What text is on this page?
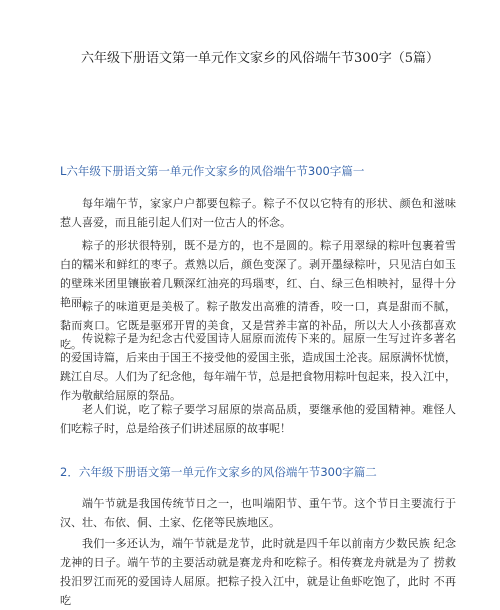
六年级下册语文第一单元作文家乡的风俗端午节300字（5篇）
L六年级下册语文第一单元作文家乡的风俗端午节300字篇一

每年端午节，家家户户都要包粽子。粽子不仅以它特有的形状、颜色和滋味 惹人喜爱，而且能引起人们对一位古人的怀念。

粽子的形状很特别，既不是方的，也不是圆的。粽子用翠绿的粽叶包裹着雪 白的糯米和鲜红的枣子。煮熟以后，颜色变深了。剥开墨绿粽叶，只见洁白如玉 的壁珠米团里镶嵌着几颗深红油亮的玛瑙枣，红、白、绿三色相映衬，显得十分 艳丽。

粽子的味道更是美极了。粽子散发出高雅的清香，咬一口，真是甜而不腻， 黏而爽口。它既是驱邪开胃的美食，又是营养丰富的补品，所以大人小孩都喜欢 吃。 传说粽子是为纪念古代爱国诗人屈原而流传下来的。屈原一生写过许多著名 的爱国诗篇，后来由于国王不接受他的爱国主张，造成国土沦丧。屈原满怀忧愤， 跳江自尽。人们为了纪念他，每年端午节，总是把食物用粽叶包起来，投入江中， 作为敬献给屈原的祭品。

老人们说，吃了粽子要学习屈原的崇高品质，要继承他的爱国精神。难怪人 们吃粽子时，总是给孩子们讲述屈原的故事呢！

2．六年级下册语文第一单元作文家乡的风俗端午节300字篇二

端午节就是我国传统节日之一，也叫端阳节、重午节。这个节日主要流行于 汉、壮、布依、侗、土家、仡佬等民族地区。

我们一多还认为，端午节就是龙节，此时就是四千年以前南方少数民族 纪念龙神的日子。端午节的主要活动就是赛龙舟和吃粽子。相传赛龙舟就是为了 捞救投汨罗江而死的爱国诗人屈原。把粽子投入江中，就是让鱼虾吃饱了，此时 不再吃
